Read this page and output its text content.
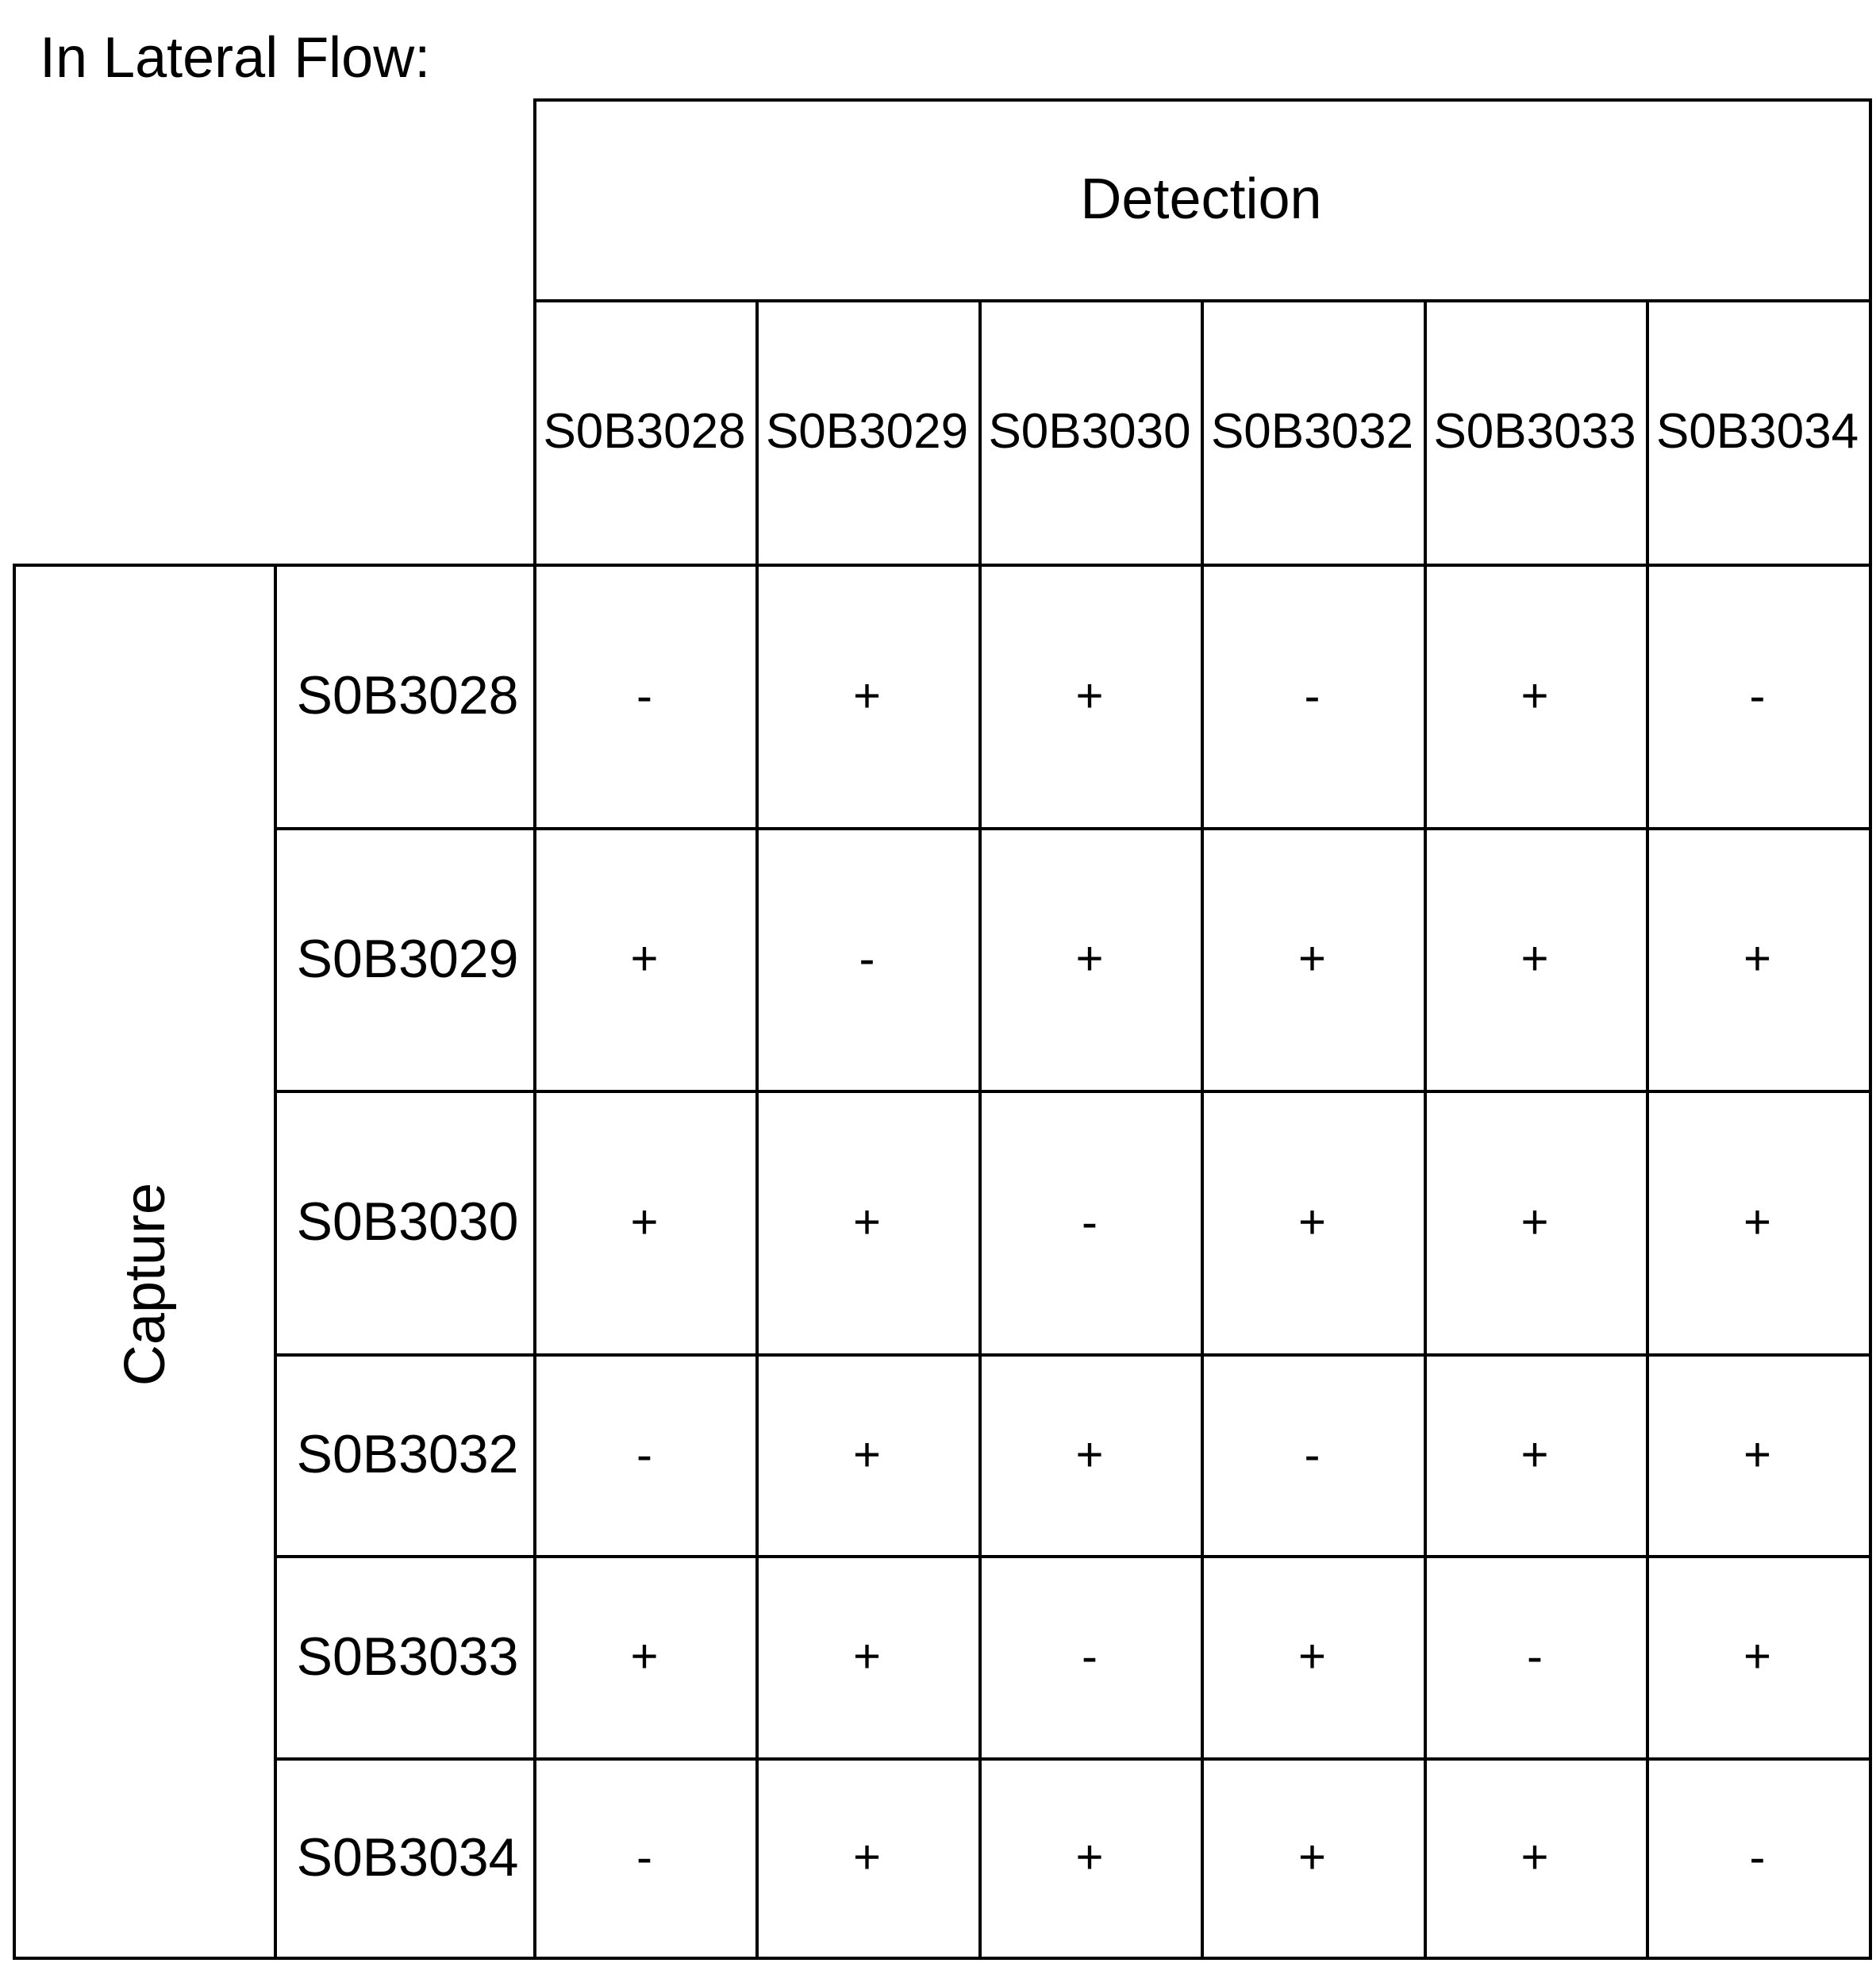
In Lateral Flow:
Detection
S0B3028 S0B3029 S0B3030 S0B3032 S0B3033 S0B3034
Capture
S0B3028	-	+	+	-	+	-
S0B3029	+	-	+	+	+	+
S0B3030	+	+	-	+	+	+
S0B3032	-	+	+	-	+	+
S0B3033	+	+	-	+	-	+
S0B3034	-	+	+	+	+	-
